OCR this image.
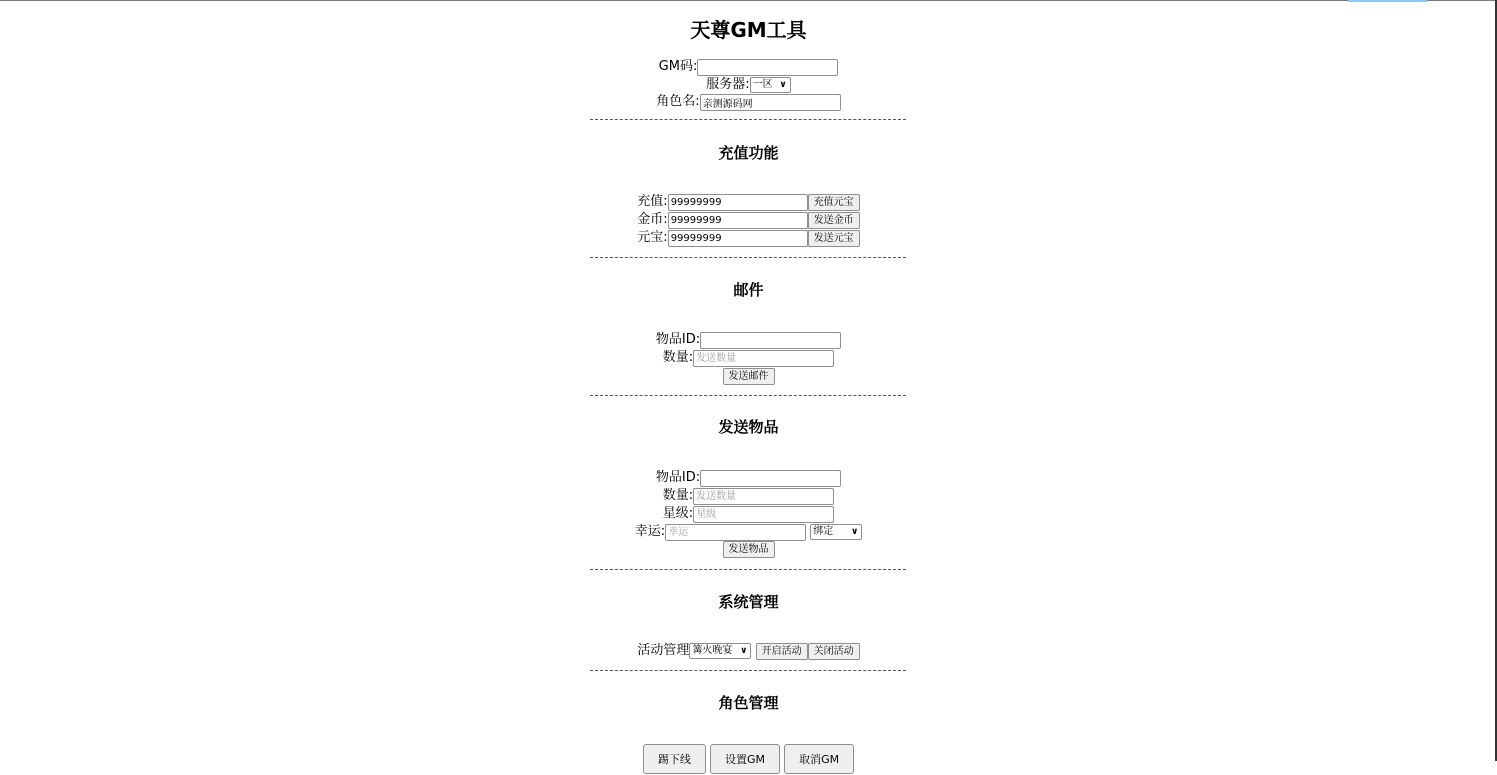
天尊GM工具
GM码:
服务器: 一区 ∨
角色名:亲测源码网
充值功能
充值:99999999	充值元宝
金币:99999999	发送金币
元宝:99999999	发送元宝
邮件
物品ID:
数量:发送数量
发送邮件
发送物品
物品ID:
数量:发送数量
星级:星级
幸运:幸运	绑定 ∨
发送物品
系统管理
活动管理 篝火晚宴 ∨ 开启活动 关闭活动
角色管理
踢下线	设置GM	取消GM
